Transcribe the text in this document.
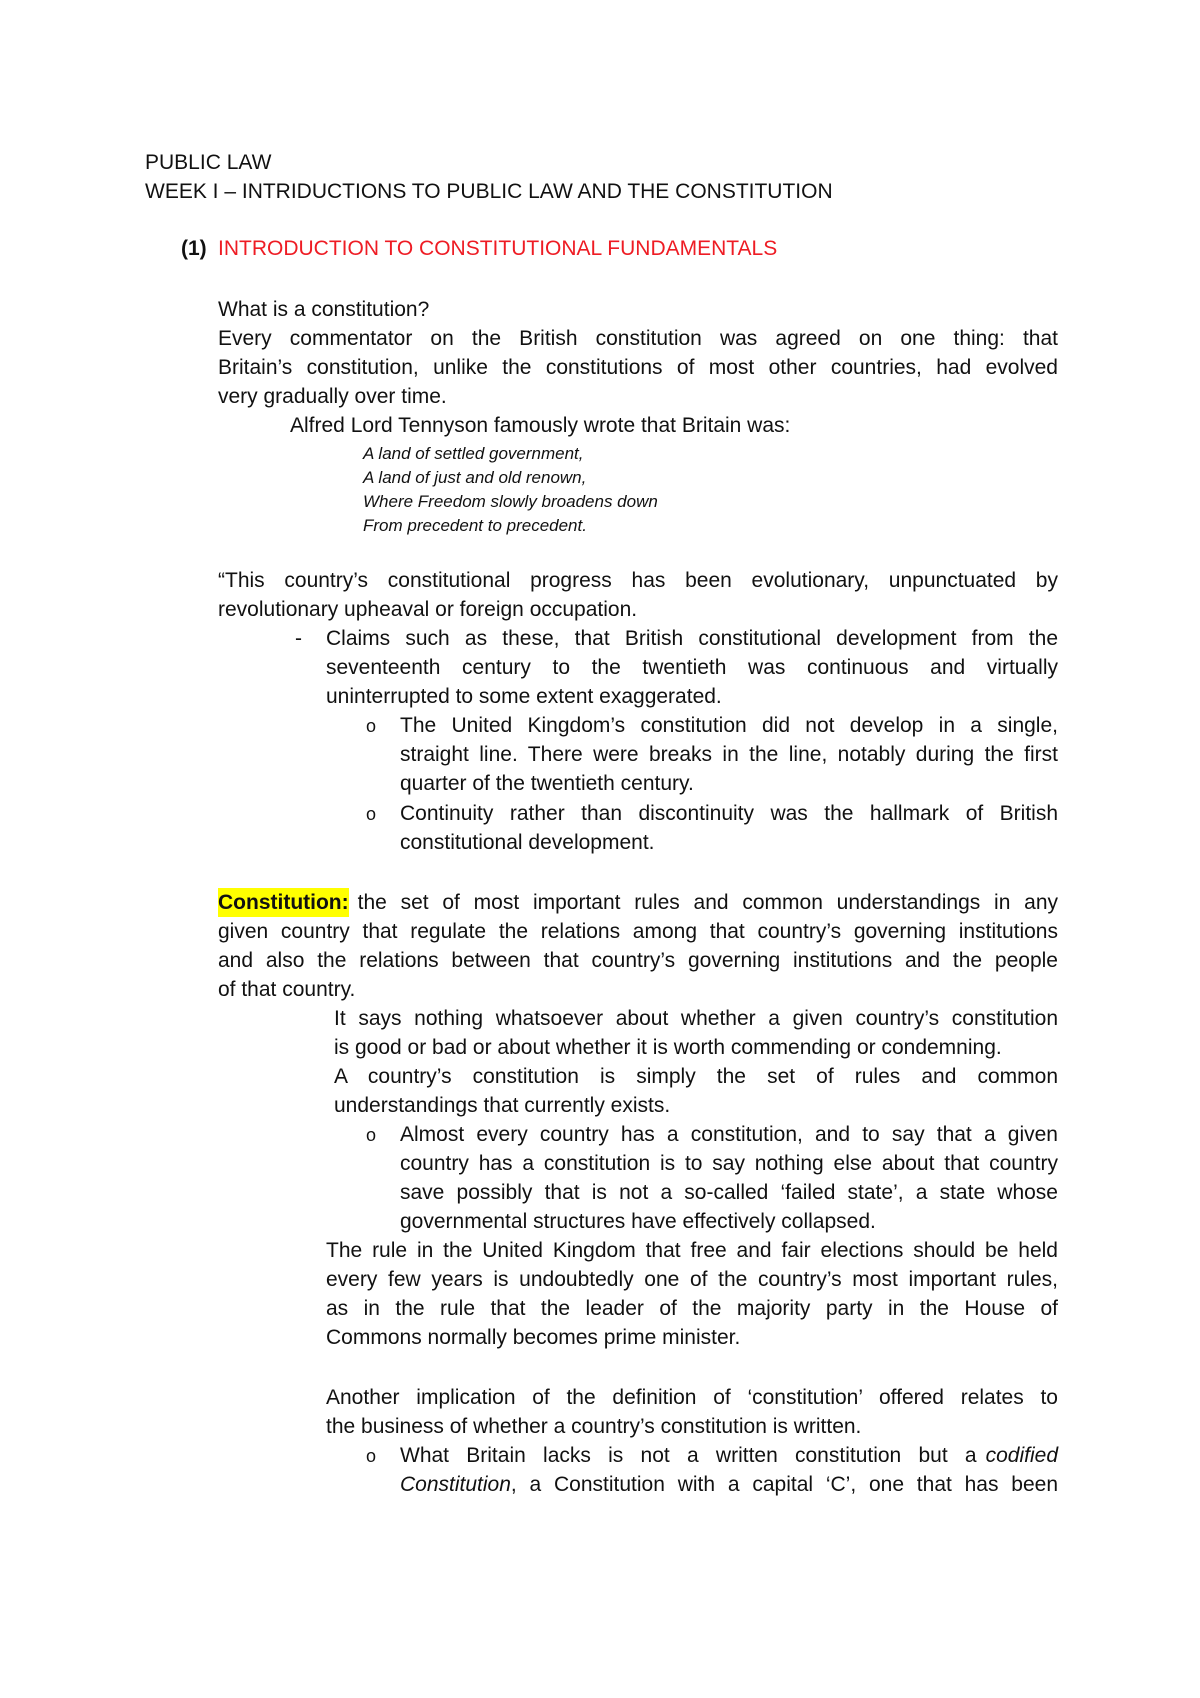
PUBLIC LAW
WEEK I – INTRIDUCTIONS TO PUBLIC LAW AND THE CONSTITUTION
(1) INTRODUCTION TO CONSTITUTIONAL FUNDAMENTALS
What is a constitution?
Every commentator on the British constitution was agreed on one thing: that
Britain’s constitution, unlike the constitutions of most other countries, had evolved
very gradually over time.
Alfred Lord Tennyson famously wrote that Britain was:
A land of settled government,
A land of just and old renown,
Where Freedom slowly broadens down
From precedent to precedent.
“This country’s constitutional progress has been evolutionary, unpunctuated by
revolutionary upheaval or foreign occupation.
- Claims such as these, that British constitutional development from the
seventeenth century to the twentieth was continuous and virtually
uninterrupted to some extent exaggerated.
o The United Kingdom’s constitution did not develop in a single,
straight line. There were breaks in the line, notably during the first
quarter of the twentieth century.
o Continuity rather than discontinuity was the hallmark of British
constitutional development.
Constitution: the set of most important rules and common understandings in any
given country that regulate the relations among that country’s governing institutions
and also the relations between that country’s governing institutions and the people
of that country.
It says nothing whatsoever about whether a given country’s constitution
is good or bad or about whether it is worth commending or condemning.
A country’s constitution is simply the set of rules and common
understandings that currently exists.
o Almost every country has a constitution, and to say that a given
country has a constitution is to say nothing else about that country
save possibly that is not a so-called ‘failed state’, a state whose
governmental structures have effectively collapsed.
The rule in the United Kingdom that free and fair elections should be held
every few years is undoubtedly one of the country’s most important rules,
as in the rule that the leader of the majority party in the House of
Commons normally becomes prime minister.
Another implication of the definition of ‘constitution’ offered relates to
the business of whether a country’s constitution is written.
o What Britain lacks is not a written constitution but a codified
Constitution , a Constitution with a capital ‘C’, one that has been
